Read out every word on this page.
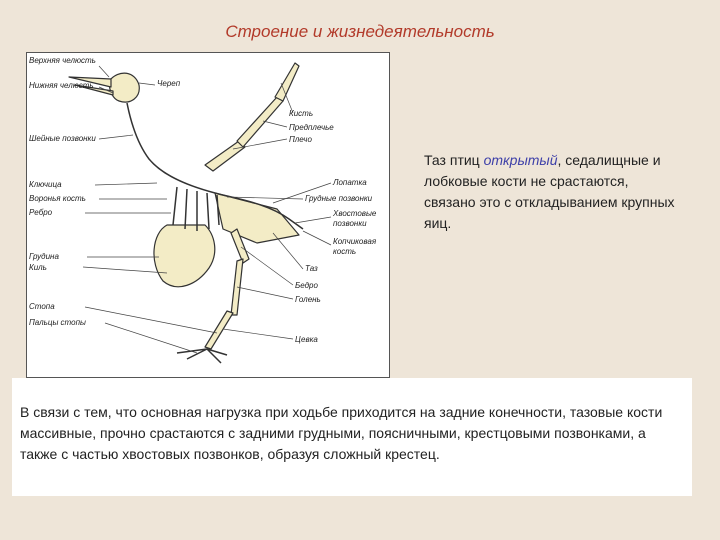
Строение и жизнедеятельность
Верхняя челюсть
Нижняя челюсть
Шейные позвонки
Ключица
Воронья кость
Ребро
Грудина
Киль
Стопа
Пальцы стопы
Череп
Кисть
Предплечье
Плечо
Лопатка
Грудные позвонки
Хвостовые позвонки
Копчиковая кость
Таз
Бедро
Голень
Цевка
Таз птиц открытый, седалищные и лобковые кости не срастаются, связано это с откладыванием крупных яиц.
В связи с тем, что основная нагрузка при ходьбе приходится на задние конечности, тазовые кости массивные, прочно срастаются с задними грудными, поясничными, крестцовыми позвонками, а также с частью хвостовых позвонков, образуя сложный крестец.
